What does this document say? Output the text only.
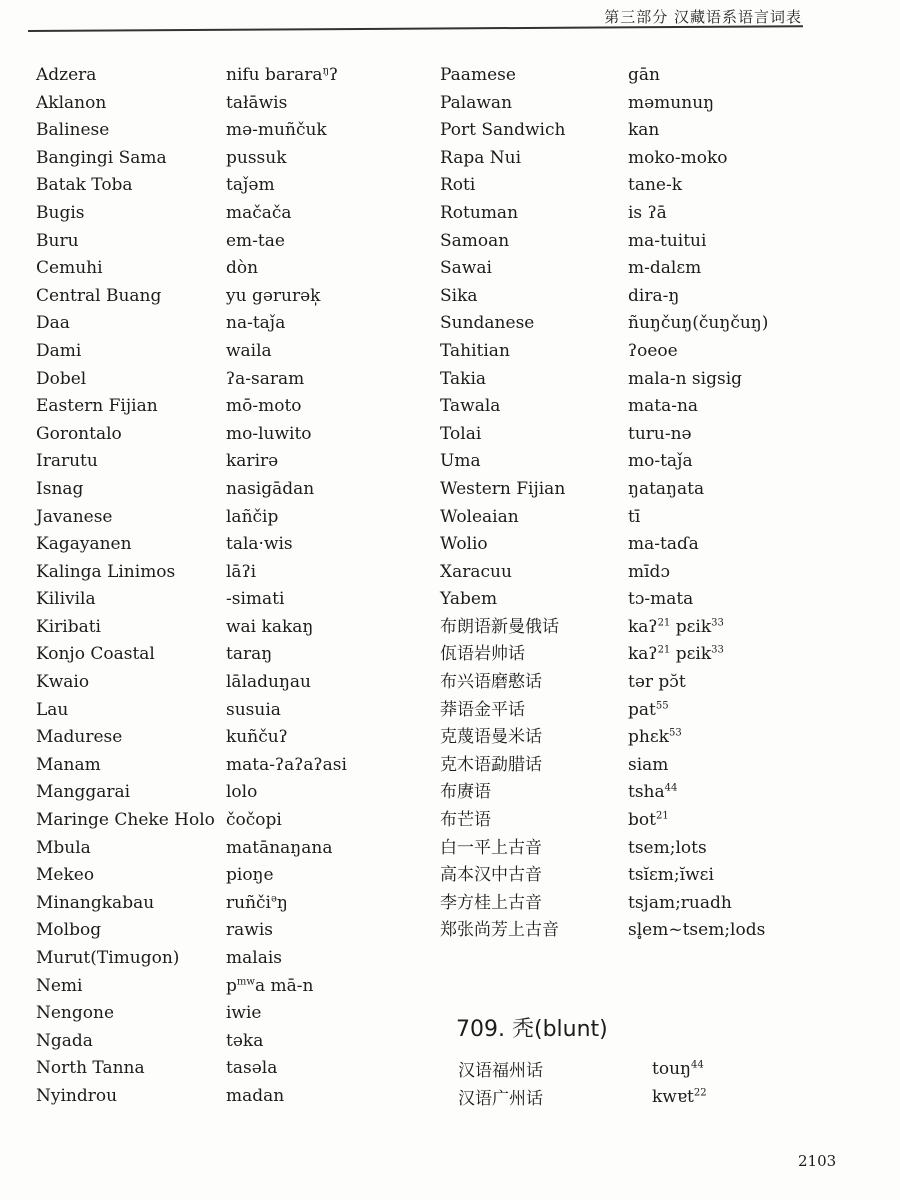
第三部分 汉藏语系语言词表
Adzera
Aklanon
Balinese
Bangingi Sama
Batak Toba
Bugis
Buru
Cemuhi
Central Buang
Daa
Dami
Dobel
Eastern Fijian
Gorontalo
Irarutu
Isnag
Javanese
Kagayanen
Kalinga Linimos
Kilivila
Kiribati
Konjo Coastal
Kwaio
Lau
Madurese
Manam
Manggarai
Maringe Cheke Holo
Mbula
Mekeo
Minangkabau
Molbog
Murut(Timugon)
Nemi
Nengone
Ngada
North Tanna
Nyindrou
nifu barara$^ŋ$ʔ
tałāwis
mə-muñčuk
pussuk
taǰəm
mačača
em-tae
dòn
yu gərurək̩
na-taǰa
waila
ʔa-saram
mō-moto
mo-luwito
karirə
nasigādan
lañčip
tala·wis
lāʔi
-simati
wai kakaŋ
taraŋ
lāladuŋau
susuia
kuñčuʔ
mata-ʔaʔaʔasi
lolo
čočopi
matānaŋana
pioŋe
ruñči$^ə$ŋ
rawis
malais
$p^{mw}a$ mā-n
iwie
təka
tasəla
madan
Paamese
Palawan
Port Sandwich
Rapa Nui
Roti
Rotuman
Samoan
Sawai
Sika
Sundanese
Tahitian
Takia
Tawala
Tolai
Uma
Western Fijian
Woleaian
Wolio
Xaracuu
Yabem
布朗语新曼俄话
佤语岩帅话
布兴语磨憨话
莽语金平话
克蔑语曼米话
克木语勐腊话
布赓语
布芒语
白一平上古音
高本汉中古音
李方桂上古音
郑张尚芳上古音
gān
məmunuŋ
kan
moko-moko
tane-k
is ʔā
ma-tuitui
m-dalɛm
dira-ŋ
ñuŋčuŋ(čuŋčuŋ)
ʔoeoe
mala-n sigsig
mata-na
turu-nə
mo-taǰa
ŋataŋata
tī
ma-taɗa
mīdɔ
tɔ-mata
kaʔ$^{21}$ pɛik$^{33}$
kaʔ$^{21}$ pɛik$^{33}$
tər pɔ̆t
pat$^{55}$
phɛk$^{53}$
siam
tsha$^{44}$
bot$^{21}$
tsem;lots
tsĭɛm;ĭwɛi
tsjam;ruadh
sl̥em~tsem;lods
709. 秃(blunt)
汉语福州话
汉语广州话
touŋ$^{44}$
kwɐt$^{22}$
2103
